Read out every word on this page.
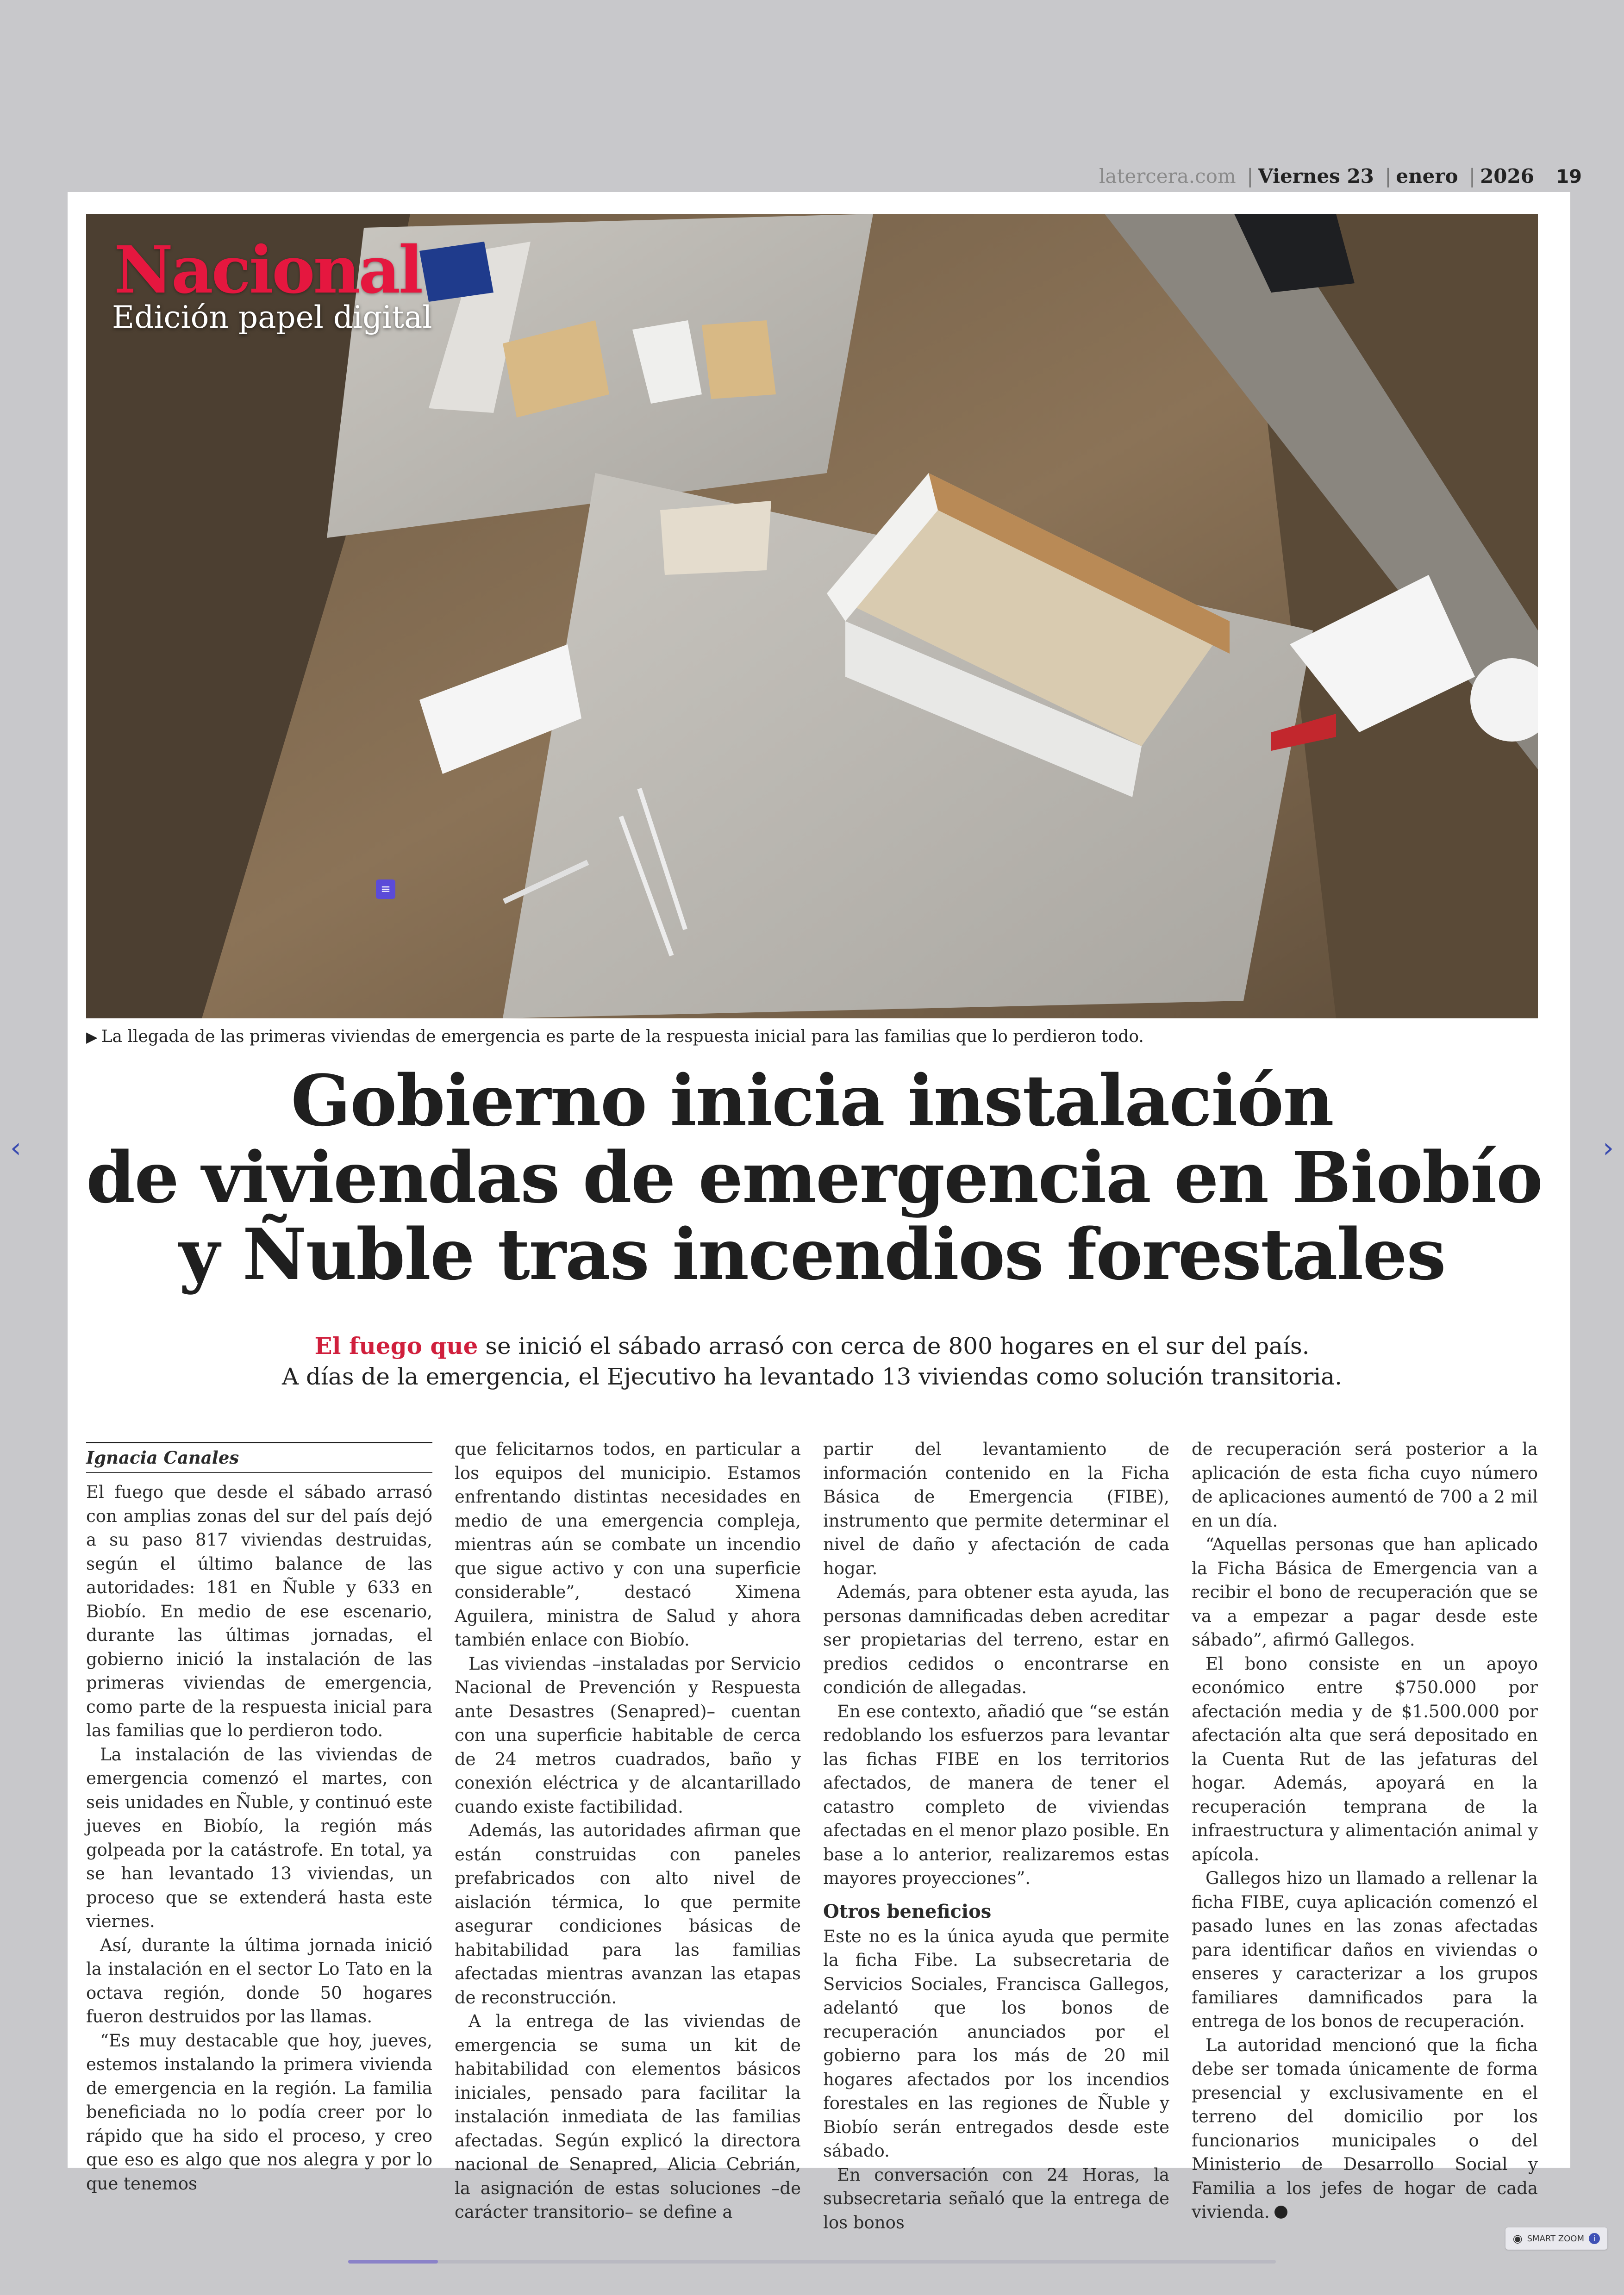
latercera.com | Viernes 23 | enero | 2026 19
Nacional
Edición papel digital
≡
▶ La llegada de las primeras viviendas de emergencia es parte de la respuesta inicial para las familias que lo perdieron todo.
Gobierno inicia instalación
de viviendas de emergencia en Biobío
y Ñuble tras incendios forestales
El fuego que se inició el sábado arrasó con cerca de 800 hogares en el sur del país.
A días de la emergencia, el Ejecutivo ha levantado 13 viviendas como solución transitoria.
Ignacia Canales

El fuego que desde el sábado arrasó con amplias zonas del sur del país dejó a su paso 817 viviendas destruidas, según el último balance de las autoridades: 181 en Ñuble y 633 en Biobío. En medio de ese escenario, durante las últimas jornadas, el gobierno inició la instalación de las primeras viviendas de emergencia, como parte de la respuesta inicial para las familias que lo perdieron todo.

La instalación de las viviendas de emergencia comenzó el martes, con seis unidades en Ñuble, y continuó este jueves en Biobío, la región más golpeada por la catástrofe. En total, ya se han levantado 13 viviendas, un proceso que se extenderá hasta este viernes.

Así, durante la última jornada inició la instalación en el sector Lo Tato en la octava región, donde 50 hogares fueron destruidos por las llamas.

“Es muy destacable que hoy, jueves, estemos instalando la primera vivienda de emergencia en la región. La familia beneficiada no lo podía creer por lo rápido que ha sido el proceso, y creo que eso es algo que nos alegra y por lo que tenemos

que felicitarnos todos, en particular a los equipos del municipio. Estamos enfrentando distintas necesidades en medio de una emergencia compleja, mientras aún se combate un incendio que sigue activo y con una superficie considerable”, destacó Ximena Aguilera, ministra de Salud y ahora también enlace con Biobío.

Las viviendas –instaladas por Servicio Nacional de Prevención y Respuesta ante Desastres (Senapred)– cuentan con una superficie habitable de cerca de 24 metros cuadrados, baño y conexión eléctrica y de alcantarillado cuando existe factibilidad.

Además, las autoridades afirman que están construidas con paneles prefabricados con alto nivel de aislación térmica, lo que permite asegurar condiciones básicas de habitabilidad para las familias afectadas mientras avanzan las etapas de reconstrucción.

A la entrega de las viviendas de emergencia se suma un kit de habitabilidad con elementos básicos iniciales, pensado para facilitar la instalación inmediata de las familias afectadas. Según explicó la directora nacional de Senapred, Alicia Cebrián, la asignación de estas soluciones –de carácter transitorio– se define a

partir del levantamiento de información contenido en la Ficha Básica de Emergencia (FIBE), instrumento que permite determinar el nivel de daño y afectación de cada hogar.

Además, para obtener esta ayuda, las personas damnificadas deben acreditar ser propietarias del terreno, estar en predios cedidos o encontrarse en condición de allegadas.

En ese contexto, añadió que “se están redoblando los esfuerzos para levantar las fichas FIBE en los territorios afectados, de manera de tener el catastro completo de viviendas afectadas en el menor plazo posible. En base a lo anterior, realizaremos estas mayores proyecciones”.

Otros beneficios

Este no es la única ayuda que permite la ficha Fibe. La subsecretaria de Servicios Sociales, Francisca Gallegos, adelantó que los bonos de recuperación anunciados por el gobierno para los más de 20 mil hogares afectados por los incendios forestales en las regiones de Ñuble y Biobío serán entregados desde este sábado.

En conversación con 24 Horas, la subsecretaria señaló que la entrega de los bonos

de recuperación será posterior a la aplicación de esta ficha cuyo número de aplicaciones aumentó de 700 a 2 mil en un día.

“Aquellas personas que han aplicado la Ficha Básica de Emergencia van a recibir el bono de recuperación que se va a empezar a pagar desde este sábado”, afirmó Gallegos.

El bono consiste en un apoyo económico entre $750.000 por afectación media y de $1.500.000 por afectación alta que será depositado en la Cuenta Rut de las jefaturas del hogar. Además, apoyará en la recuperación temprana de la infraestructura y alimentación animal y apícola.

Gallegos hizo un llamado a rellenar la ficha FIBE, cuya aplicación comenzó el pasado lunes en las zonas afectadas para identificar daños en viviendas o enseres y caracterizar a los grupos familiares damnificados para la entrega de los bonos de recuperación.

La autoridad mencionó que la ficha debe ser tomada únicamente de forma presencial y exclusivamente en el terreno del domicilio por los funcionarios municipales o del Ministerio de Desarrollo Social y Familia a los jefes de hogar de cada vivienda.

‹	›
◉ SMART ZOOM	i
